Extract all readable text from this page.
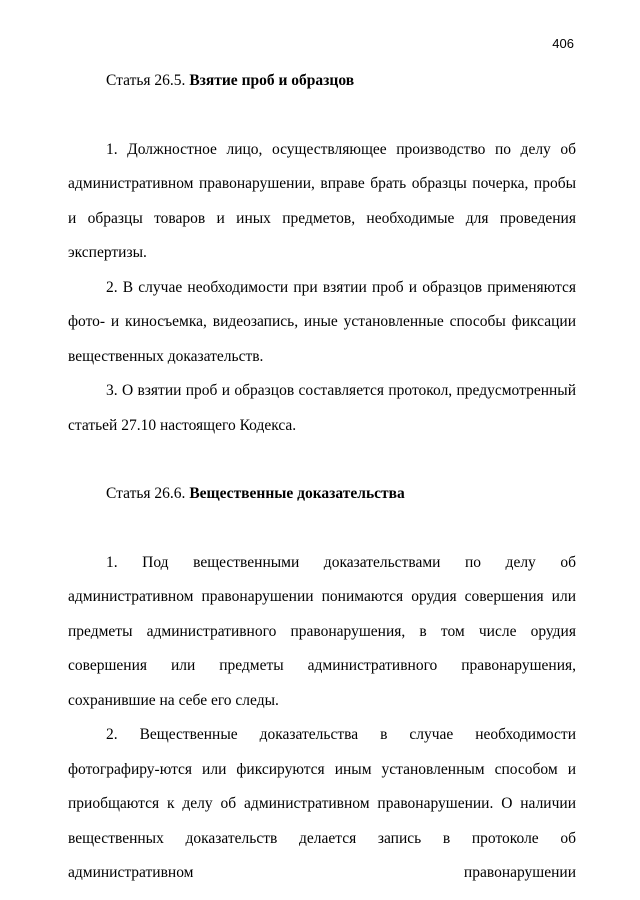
406
Статья 26.5. Взятие проб и образцов

1. Должностное лицо, осуществляющее производство по делу об административном правонарушении, вправе брать образцы почерка, пробы и образцы товаров и иных предметов, необходимые для проведения экспертизы.

2. В случае необходимости при взятии проб и образцов применяются фото- и киносъемка, видеозапись, иные установленные способы фиксации вещественных доказательств.

3. О взятии проб и образцов составляется протокол, предусмотренный статьей 27.10 настоящего Кодекса.

Статья 26.6. Вещественные доказательства

1. Под вещественными доказательствами по делу об административном правонарушении понимаются орудия совершения или предметы административного правонарушения, в том числе орудия совершения или предметы административного правонарушения, сохранившие на себе его следы.

2. Вещественные доказательства в случае необходимости фотографиру-ются или фиксируются иным установленным способом и приобщаются к делу об административном правонарушении. О наличии вещественных доказательств делается запись в протоколе об административном правонарушении
